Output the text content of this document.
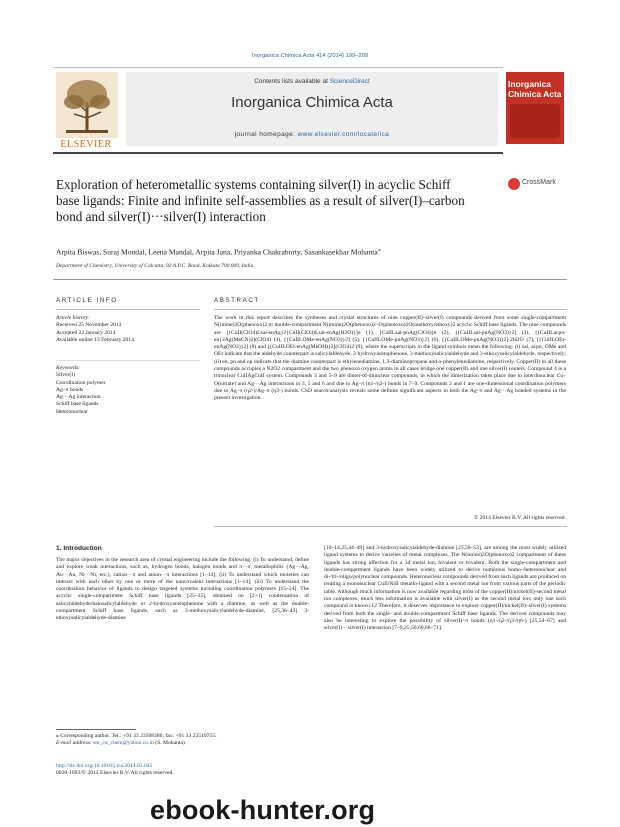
Inorganica Chimica Acta 414 (2014) 199–209
ELSEVIER
Contents lists available at ScienceDirect
Inorganica Chimica Acta
journal homepage: www.elsevier.com/locate/ica
Inorganica Chimica Acta
Exploration of heterometallic systems containing silver(I) in acyclic Schiff base ligands: Finite and infinite self-assemblies as a result of silver(I)–carbon bond and silver(I)···silver(I) interaction
CrossMark
Arpita Biswas, Suraj Mondal, Leena Mandal, Arpita Jana, Priyanka Chakraborty, Sasankasekhar Mohanta⁎
Department of Chemistry, University of Calcutta, 92 A.P.C. Road, Kolkata 700 009, India
ARTICLE INFO
Article history:
Received 25 November 2013
Accepted 22 January 2014
Available online 13 February 2014
Keywords:
Silver(I)
Coordination polymer
Ag–π bonds
Ag···Ag interaction
Schiff base ligands
Heteronuclear
ABSTRACT
The work in this report describes the syntheses and crystal structures of nine copper(II)–silver(I) compounds derived from some single-compartment N(imine)2O(phenoxo)2 or double-compartment N(imine)2O(phenoxo)2–O(phenoxo)2O(methoxy/ethoxy)2 acyclic Schiff base ligands. The nine compounds are [{CuII(ClO4)Lsal-enAg}2{CuII(ClO4)Lsal-enAg(H2O)}]n (1), [CuIILsal-pnAg(ClO4)]n (2), [{CuIILsal-pnAg(NO3)}2] (3), [{CuIILacpn-en}2Ag(MeCN)2](ClO4) (4), [{CuIILOMe-enAg(NO3)}2] (5), [{CuIILOMe-pnAg(NO3)}2] (6), [{CuIILOMe-pnAg(NO3)}2]·2H2O (7), [{CuIILOEt-enAg(NO3)}2] (8) and [{CuIILOEt-enAg(MeOH)}2](ClO4)2 (9), where the superscripts in the ligand symbols mean the following: (i) sal, acpn, OMe and OEt indicate that the aldehyde counterpart is salicylaldehyde, 2-hydroxyacetophenone, 3-methoxysalicylaldehyde and 3-ethoxysalicylaldehyde, respectively; (ii) en, pn and op indicate that the diamine counterpart is ethylenediamine, 1,3-diaminopropane and o-phenylenediamine, respectively. Copper(II) in all these compounds occupies a N2O2 compartment and the two phenoxo oxygen atoms in all cases bridge one copper(II) and one silver(I) centers. Compound 4 is a trinuclear CuIIAgCuII system. Compounds 3 and 5–9 are dimer-of-dinuclear compounds, in which the dimerization takes place due to interdinuclear Cu–O(nitrate) and Ag···Ag interactions in 3, 5 and 6 and due to Ag–π (η1-/η2-) bonds in 7–9. Compounds 2 and 1 are one-dimensional coordination polymers due to Ag–π (η2-)/Ag–π (η3-) bonds. CSD search/analysis reveals some definite significant aspects in both the Ag–π and Ag···Ag bonded systems in the present investigation.
© 2014 Elsevier B.V. All rights reserved.
1. Introduction
The major objectives in the research area of crystal engineering include the following: (i) To understand, define and explore weak interactions, such as, hydrogen bonds, halogen bonds and π···π, metallophilic (Ag···Ag, Au···Au, Ni···Ni, etc.), cation···π and anion···π interactions [1–14]; (ii) To understand which moieties can interact with each other by one or more of the noncovalent interactions [1–14]; (iii) To understand the coordination behavior of ligands to design targeted systems including coordination polymers [15–24]. The acyclic single-compartment Schiff base ligands [25–35], obtained on [2+1] condensation of salicylaldehyde/halosalicylaldehyde or 2-hydroxyacetophenone with a diamine, as well as the double-compartment Schiff base ligands, such as 3-methoxysalicylaldehyde-diamine, [25,36–43] 3-ethoxysalicylaldehyde-diamine
[10–14,25,44–49] and 3-hydroxysalicylaldehyde-diamine [25,50–53], are among the most widely utilized ligand systems to derive varieties of metal complexes. The N(imine)2O(phenoxo)2 compartment of these ligands has strong affection for a 3d metal ion, bivalent or trivalent. Both the single-compartment and double-compartment ligands have been widely utilized to derive numerous homo-/heteronuclear and di-/tri-/oligo/polynuclear compounds. Heteronuclear compounds derived from such ligands are produced on treating a mononuclear CuII/NiII metallo-ligand with a second metal ion from various parts of the periodic table. Although much information is now available regarding most of the copper(II)/nickel(II)-second metal ion complexes, much less information is available with silver(I) as the second metal ion; only one such compound is known.12 Therefore, it deserves importance to explore copper(II)/nickel(II)–silver(I) systems derived from both the single- and double-compartment Schiff base ligands. The derived compounds may also be interesting to explore the possibility of silver(I)–π bonds (η1-/η2-/η3-/η6-) [25,54–67] and silver(I)···silver(I) interaction [7–9,25,56,60,68–71].
⁎ Corresponding author. Tel.: +91 33 23508386; fax: +91 33 23519755.
E-mail address: sm_cu_chem@yahoo.co.in (S. Mohanta).
http://dx.doi.org/10.1016/j.ica.2014.01.045
0020-1693/© 2014 Elsevier B.V. All rights reserved.
ebook-hunter.org
